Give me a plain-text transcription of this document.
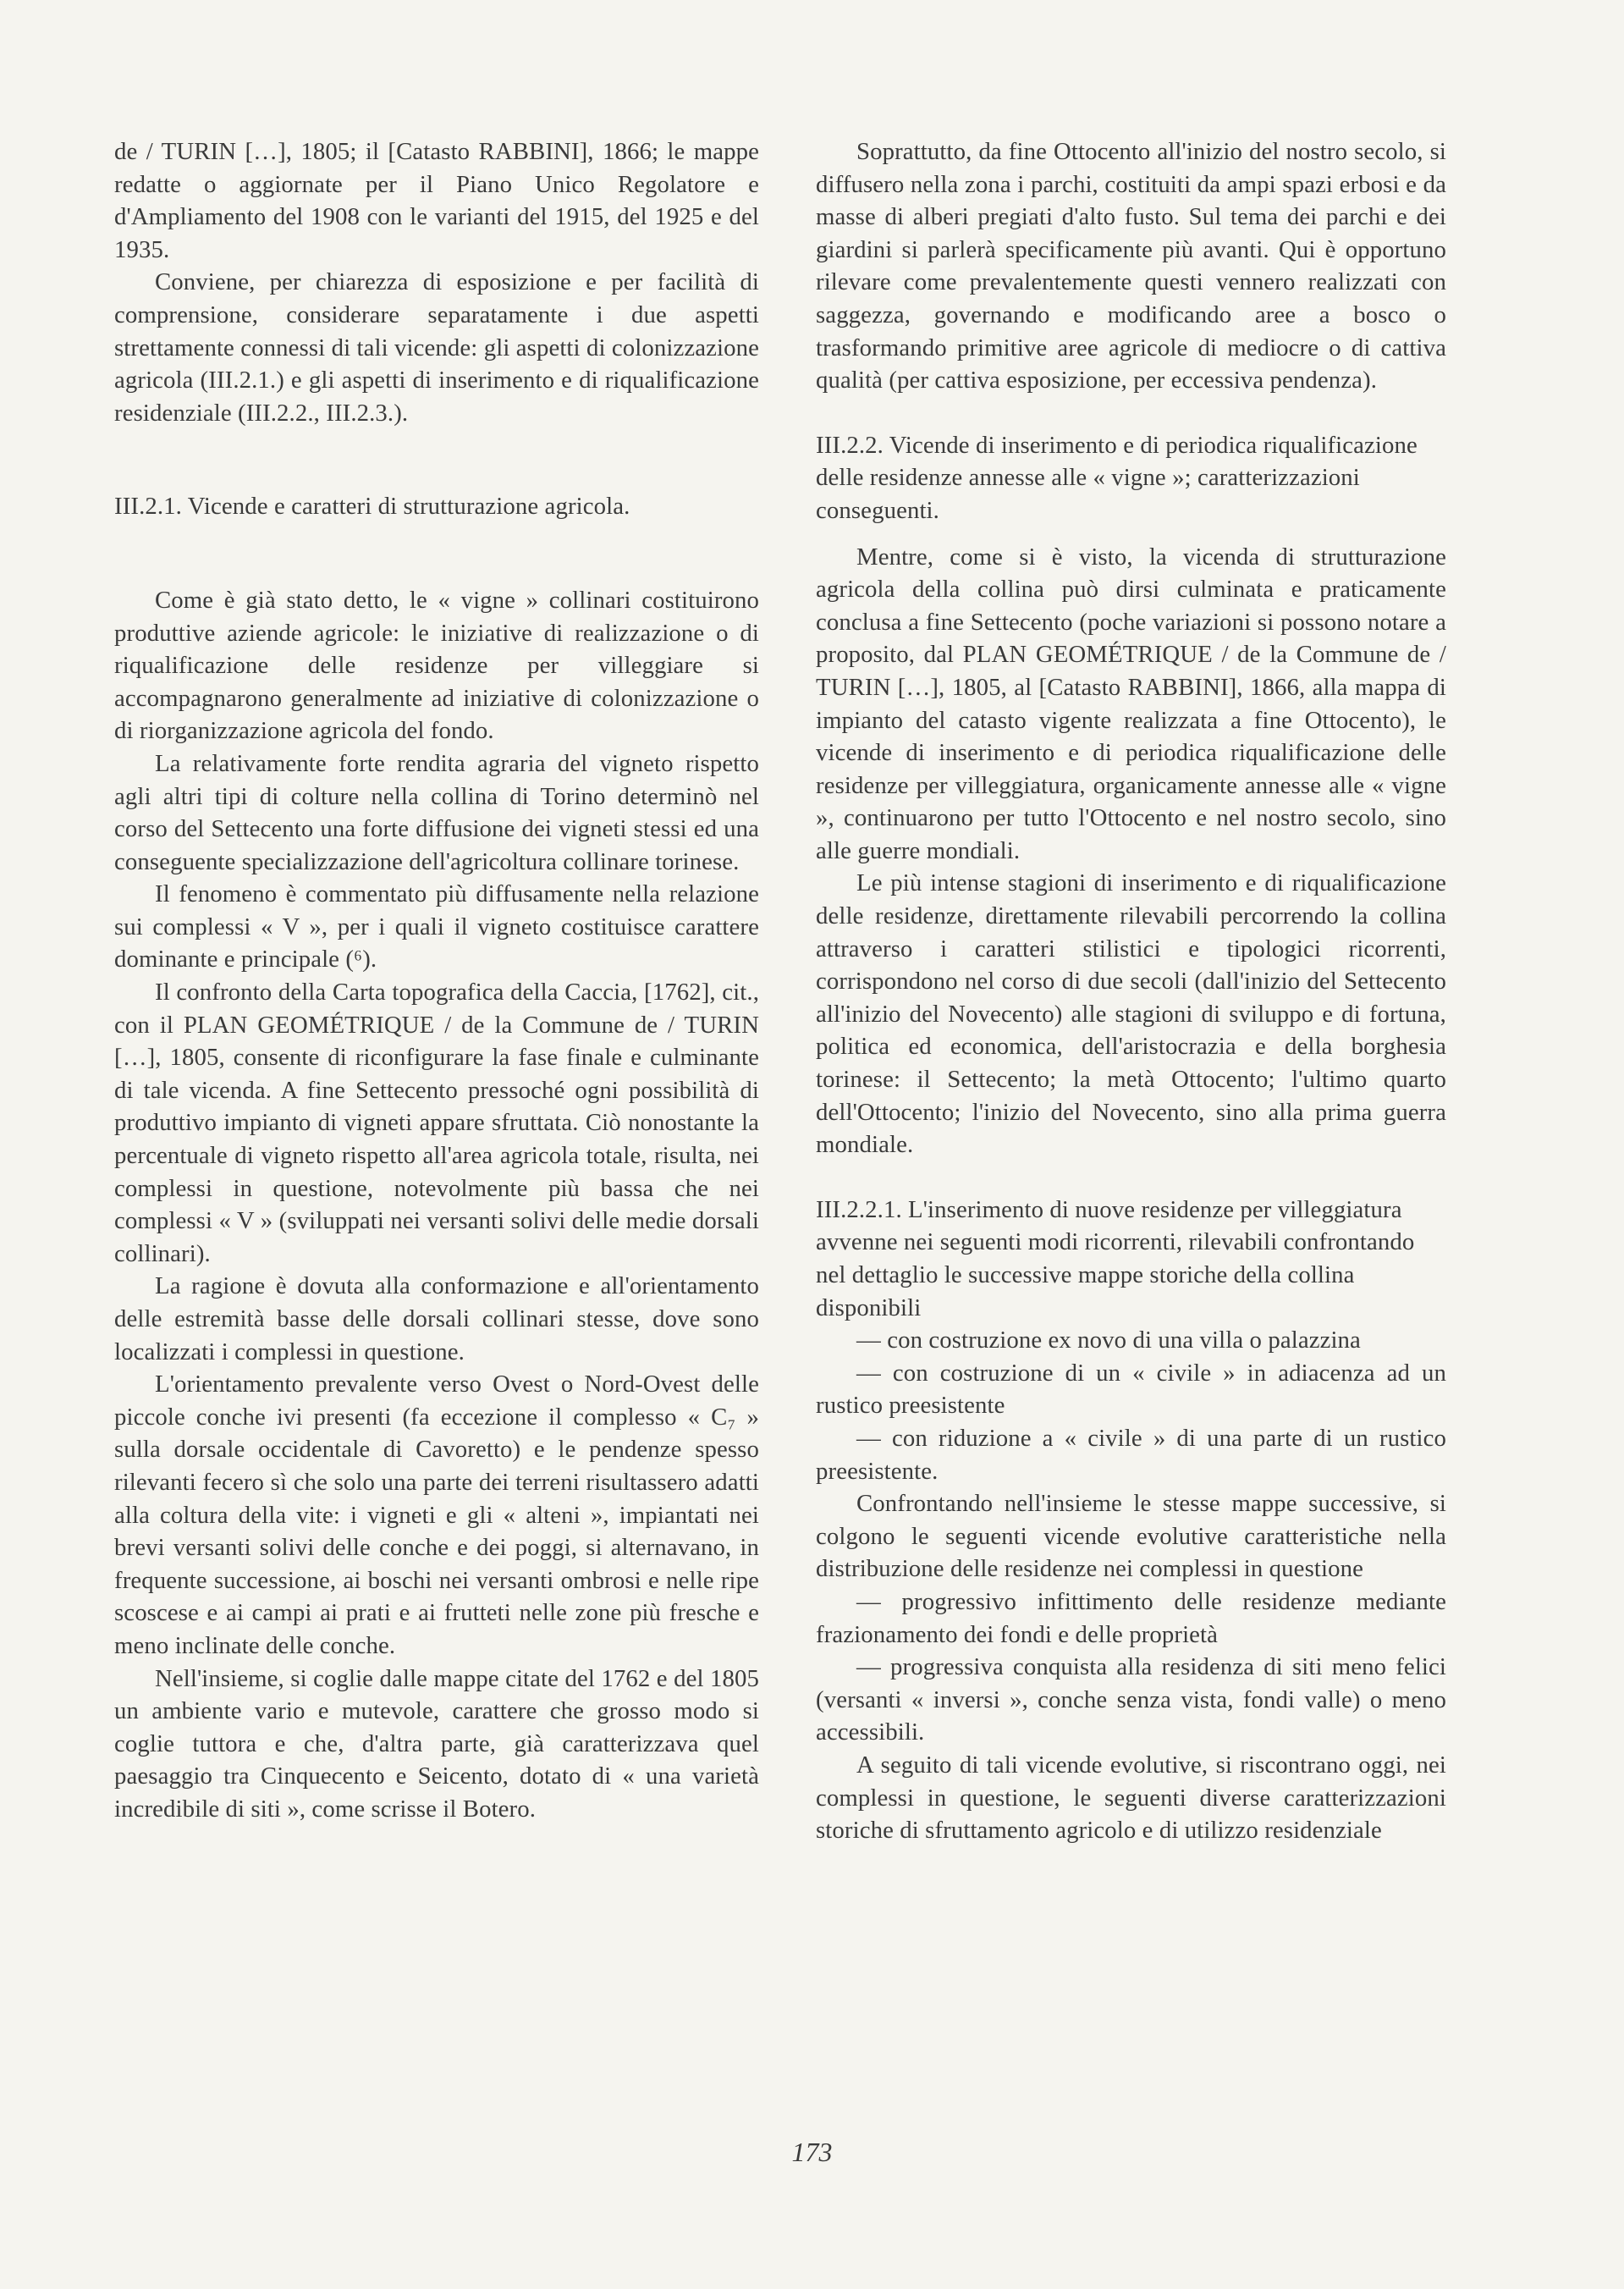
de / TURIN […], 1805; il [Catasto RABBINI], 1866; le mappe redatte o aggiornate per il Piano Unico Regolatore e d'Ampliamento del 1908 con le varianti del 1915, del 1925 e del 1935.

Conviene, per chiarezza di esposizione e per facilità di comprensione, considerare separatamente i due aspetti strettamente connessi di tali vicende: gli aspetti di colonizzazione agricola (III.2.1.) e gli aspetti di inserimento e di riqualificazione residenziale (III.2.2., III.2.3.).

III.2.1. Vicende e caratteri di strutturazione agricola.

Come è già stato detto, le « vigne » collinari costituirono produttive aziende agricole: le iniziative di realizzazione o di riqualificazione delle residenze per villeggiare si accompagnarono generalmente ad iniziative di colonizzazione o di riorganizzazione agricola del fondo.

La relativamente forte rendita agraria del vigneto rispetto agli altri tipi di colture nella collina di Torino determinò nel corso del Settecento una forte diffusione dei vigneti stessi ed una conseguente specializzazione dell'agricoltura collinare torinese.

Il fenomeno è commentato più diffusamente nella relazione sui complessi « V », per i quali il vigneto costituisce carattere dominante e principale (⁶).

Il confronto della Carta topografica della Caccia, [1762], cit., con il PLAN GEOMÉTRIQUE / de la Commune de / TURIN […], 1805, consente di riconfigurare la fase finale e culminante di tale vicenda. A fine Settecento pressoché ogni possibilità di produttivo impianto di vigneti appare sfruttata. Ciò nonostante la percentuale di vigneto rispetto all'area agricola totale, risulta, nei complessi in questione, notevolmente più bassa che nei complessi « V » (sviluppati nei versanti solivi delle medie dorsali collinari).

La ragione è dovuta alla conformazione e all'orientamento delle estremità basse delle dorsali collinari stesse, dove sono localizzati i complessi in questione.

L'orientamento prevalente verso Ovest o Nord-Ovest delle piccole conche ivi presenti (fa eccezione il complesso « C₇ » sulla dorsale occidentale di Cavoretto) e le pendenze spesso rilevanti fecero sì che solo una parte dei terreni risultassero adatti alla coltura della vite: i vigneti e gli « alteni », impiantati nei brevi versanti solivi delle conche e dei poggi, si alternavano, in frequente successione, ai boschi nei versanti ombrosi e nelle ripe scoscese e ai campi ai prati e ai frutteti nelle zone più fresche e meno inclinate delle conche.

Nell'insieme, si coglie dalle mappe citate del 1762 e del 1805 un ambiente vario e mutevole, carattere che grosso modo si coglie tuttora e che, d'altra parte, già caratterizzava quel paesaggio tra Cinquecento e Seicento, dotato di « una varietà incredibile di siti », come scrisse il Botero.

Soprattutto, da fine Ottocento all'inizio del nostro secolo, si diffusero nella zona i parchi, costituiti da ampi spazi erbosi e da masse di alberi pregiati d'alto fusto. Sul tema dei parchi e dei giardini si parlerà specificamente più avanti. Qui è opportuno rilevare come prevalentemente questi vennero realizzati con saggezza, governando e modificando aree a bosco o trasformando primitive aree agricole di mediocre o di cattiva qualità (per cattiva esposizione, per eccessiva pendenza).

III.2.2. Vicende di inserimento e di periodica riqualificazione delle residenze annesse alle « vigne »; caratterizzazioni conseguenti.

Mentre, come si è visto, la vicenda di strutturazione agricola della collina può dirsi culminata e praticamente conclusa a fine Settecento (poche variazioni si possono notare a proposito, dal PLAN GEOMÉTRIQUE / de la Commune de / TURIN […], 1805, al [Catasto RABBINI], 1866, alla mappa di impianto del catasto vigente realizzata a fine Ottocento), le vicende di inserimento e di periodica riqualificazione delle residenze per villeggiatura, organicamente annesse alle « vigne », continuarono per tutto l'Ottocento e nel nostro secolo, sino alle guerre mondiali.

Le più intense stagioni di inserimento e di riqualificazione delle residenze, direttamente rilevabili percorrendo la collina attraverso i caratteri stilistici e tipologici ricorrenti, corrispondono nel corso di due secoli (dall'inizio del Settecento all'inizio del Novecento) alle stagioni di sviluppo e di fortuna, politica ed economica, dell'aristocrazia e della borghesia torinese: il Settecento; la metà Ottocento; l'ultimo quarto dell'Ottocento; l'inizio del Novecento, sino alla prima guerra mondiale.

III.2.2.1. L'inserimento di nuove residenze per villeggiatura avvenne nei seguenti modi ricorrenti, rilevabili confrontando nel dettaglio le successive mappe storiche della collina disponibili

— con costruzione ex novo di una villa o palazzina

— con costruzione di un « civile » in adiacenza ad un rustico preesistente

— con riduzione a « civile » di una parte di un rustico preesistente.

Confrontando nell'insieme le stesse mappe successive, si colgono le seguenti vicende evolutive caratteristiche nella distribuzione delle residenze nei complessi in questione

— progressivo infittimento delle residenze mediante frazionamento dei fondi e delle proprietà

— progressiva conquista alla residenza di siti meno felici (versanti « inversi », conche senza vista, fondi valle) o meno accessibili.

A seguito di tali vicende evolutive, si riscontrano oggi, nei complessi in questione, le seguenti diverse caratterizzazioni storiche di sfruttamento agricolo e di utilizzo residenziale

173
